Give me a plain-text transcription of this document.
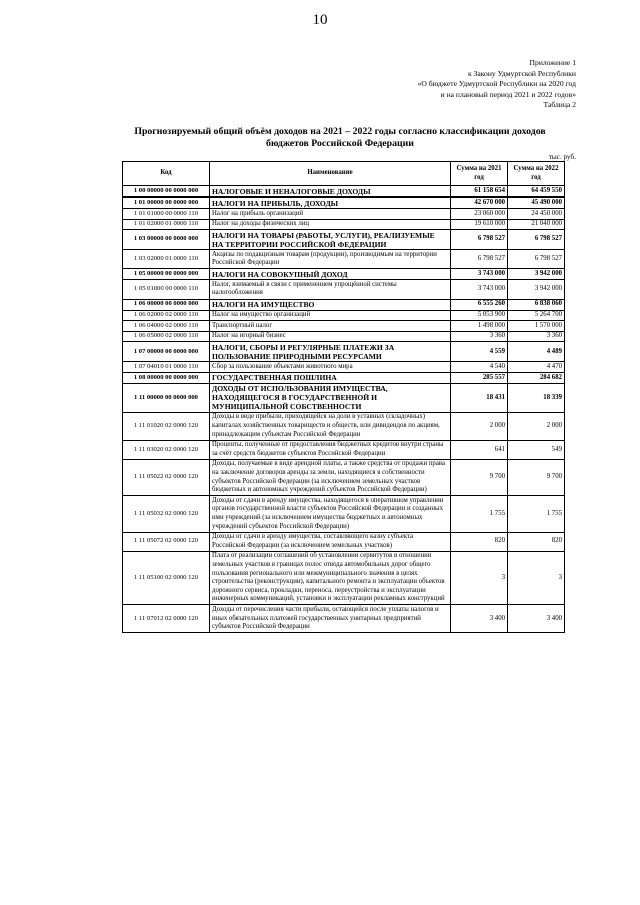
10
Приложение 1
к Закону Удмуртской Республики
«О бюджете Удмуртской Республики на 2020 год
и на плановый период 2021 и 2022 годов»
Таблица 2
Прогнозируемый общий объём доходов на 2021 – 2022 годы согласно классификации доходов
бюджетов Российской Федерации
тыс. руб.
Код	Наименование	Сумма на 2021 год	Сумма на 2022 год
1 00 00000 00 0000 000	НАЛОГОВЫЕ И НЕНАЛОГОВЫЕ ДОХОДЫ	61 158 654	64 459 550
1 01 00000 00 0000 000	НАЛОГИ НА ПРИБЫЛЬ, ДОХОДЫ	42 670 000	45 490 000
1 01 01000 00 0000 110	Налог на прибыль организаций	23 060 000	24 450 000
1 01 02000 01 0000 110	Налог на доходы физических лиц	19 610 000	21 040 000
1 03 00000 00 0000 000	НАЛОГИ НА ТОВАРЫ (РАБОТЫ, УСЛУГИ), РЕАЛИЗУЕМЫЕ НА ТЕРРИТОРИИ РОССИЙСКОЙ ФЕДЕРАЦИИ	6 798 527	6 798 527
1 03 02000 01 0000 110	Акцизы по подакцизным товарам (продукции), производимым на территории Российской Федерации	6 798 527	6 798 527
1 05 00000 00 0000 000	НАЛОГИ НА СОВОКУПНЫЙ ДОХОД	3 743 000	3 942 000
1 05 01000 00 0000 110	Налог, взимаемый в связи с применением упрощённой системы налогообложения	3 743 000	3 942 000
1 06 00000 00 0000 000	НАЛОГИ НА ИМУЩЕСТВО	6 555 260	6 838 060
1 06 02000 02 0000 110	Налог на имущество организаций	5 053 900	5 264 700
1 06 04000 02 0000 110	Транспортный налог	1 498 000	1 570 000
1 06 05000 02 0000 110	Налог на игорный бизнес	3 360	3 360
1 07 00000 00 0000 000	НАЛОГИ, СБОРЫ И РЕГУЛЯРНЫЕ ПЛАТЕЖИ ЗА ПОЛЬЗОВАНИЕ ПРИРОДНЫМИ РЕСУРСАМИ	4 559	4 489
1 07 04010 01 0000 110	Сбор за пользование объектами животного мира	4 540	4 470
1 08 00000 00 0000 000	ГОСУДАРСТВЕННАЯ ПОШЛИНА	285 557	284 682
1 11 00000 00 0000 000	ДОХОДЫ ОТ ИСПОЛЬЗОВАНИЯ ИМУЩЕСТВА, НАХОДЯЩЕГОСЯ В ГОСУДАРСТВЕННОЙ И МУНИЦИПАЛЬНОЙ СОБСТВЕННОСТИ	18 431	18 339
1 11 01020 02 0000 120	Доходы в виде прибыли, приходящейся на доли в уставных (складочных) капиталах хозяйственных товариществ и обществ, или дивидендов по акциям, принадлежащим субъектам Российской Федерации	2 000	2 000
1 11 03020 02 0000 120	Проценты, полученные от предоставления бюджетных кредитов внутри страны за счёт средств бюджетов субъектов Российской Федерации	641	549
1 11 05022 02 0000 120	Доходы, получаемые в виде арендной платы, а также средства от продажи права на заключение договоров аренды за земли, находящиеся в собственности субъектов Российской Федерации (за исключением земельных участков бюджетных и автономных учреждений субъектов Российской Федерации)	9 700	9 700
1 11 05032 02 0000 120	Доходы от сдачи в аренду имущества, находящегося в оперативном управлении органов государственной власти субъектов Российской Федерации и созданных ими учреждений (за исключением имущества бюджетных и автономных учреждений субъектов Российской Федерации)	1 755	1 755
1 11 05072 02 0000 120	Доходы от сдачи в аренду имущества, составляющего казну субъекта Российской Федерации (за исключением земельных участков)	820	820
1 11 05100 02 0000 120	Плата от реализации соглашений об установлении сервитутов в отношении земельных участков в границах полос отвода автомобильных дорог общего пользования регионального или межмуниципального значения в целях строительства (реконструкции), капитального ремонта и эксплуатации объектов дорожного сервиса, прокладки, переноса, переустройства и эксплуатации инженерных коммуникаций, установки и эксплуатации рекламных конструкций	3	3
1 11 07012 02 0000 120	Доходы от перечисления части прибыли, остающейся после уплаты налогов и иных обязательных платежей государственных унитарных предприятий субъектов Российской Федерации	3 400	3 400
